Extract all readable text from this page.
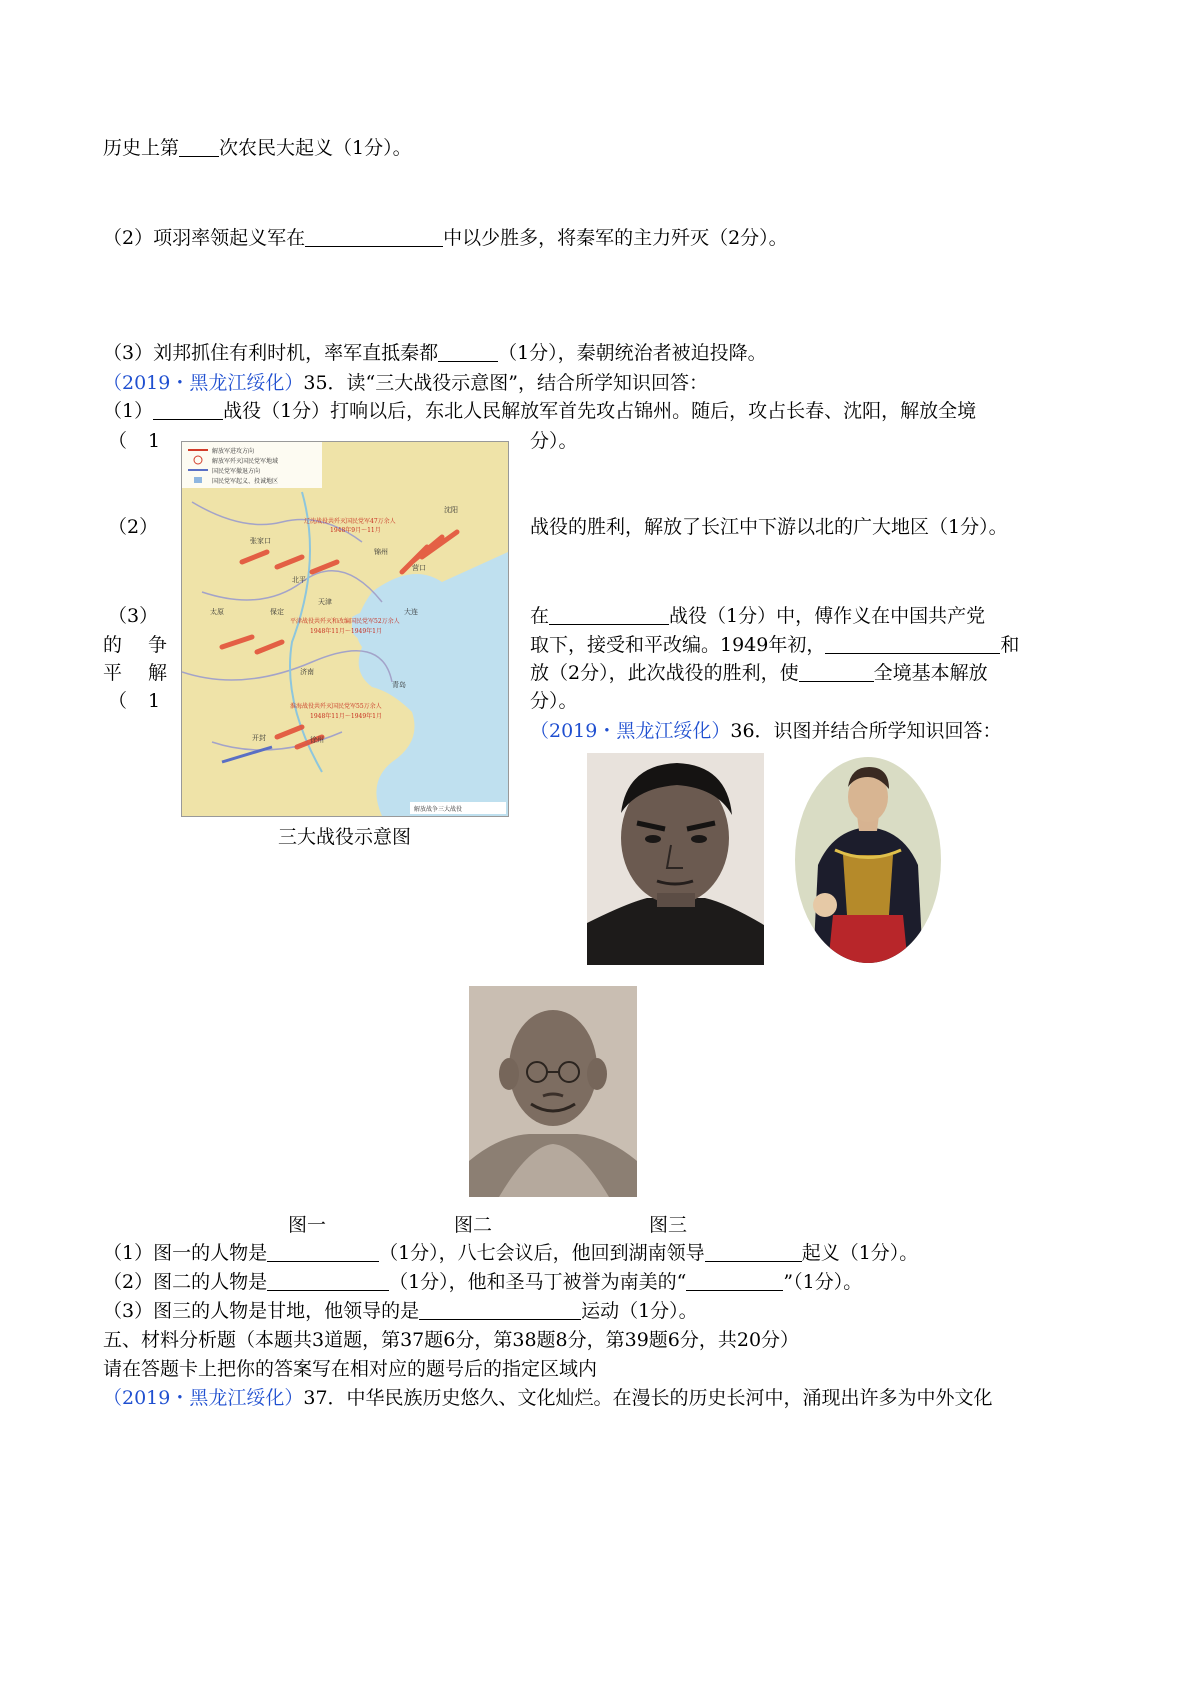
历史上第 次农民大起义（1分）。
（2）项羽率领起义军在	中以少胜多，将秦军的主力歼灭（2分）。
（3）刘邦抓住有利时机，率军直抵秦都	（1分），秦朝统治者被迫投降。
（2019・黑龙江绥化）35．读“三大战役示意图”，结合所学知识回答：
（1）	战役（1分）打响以后，东北人民解放军首先攻占锦州。随后，攻占长春、沈阳，解放全境
（ 1	分）。
（2）	战役的胜利，解放了长江中下游以北的广大地区（1分）。
（3）	在	战役（1分）中，傅作义在中国共产党
的 争	取下，接受和平改编。1949年初，	和
平 解	放（2分），此次战役的胜利，使	全境基本解放
（ 1	分）。
解放军进攻方向
解放军歼灭国民党军地域
国民党军撤退方向
国民党军起义、投诚地区
辽沈战役共歼灭国民党军47万余人
1948年9月～11月
平津战役共歼灭和改编国民党军52万余人
1948年11月～1949年1月
淮海战役共歼灭国民党军55万余人
1948年11月～1949年1月
张家口
北平
天津
大连
济南
徐州
开封
沈阳
营口
锦州
保定
太原
青岛
解放战争三大战役
三大战役示意图
（2019・黑龙江绥化）36．识图并结合所学知识回答：
图一	图二	图三
（1）图一的人物是	（1分），八七会议后，他回到湖南领导	起义（1分）。
（2）图二的人物是	（1分），他和圣马丁被誉为南美的“	”（1分）。
（3）图三的人物是甘地，他领导的是	运动（1分）。
五、材料分析题（本题共3道题，第37题6分，第38题8分，第39题6分，共20分）
请在答题卡上把你的答案写在相对应的题号后的指定区域内
（2019・黑龙江绥化）37．中华民族历史悠久、文化灿烂。在漫长的历史长河中，涌现出许多为中外文化
